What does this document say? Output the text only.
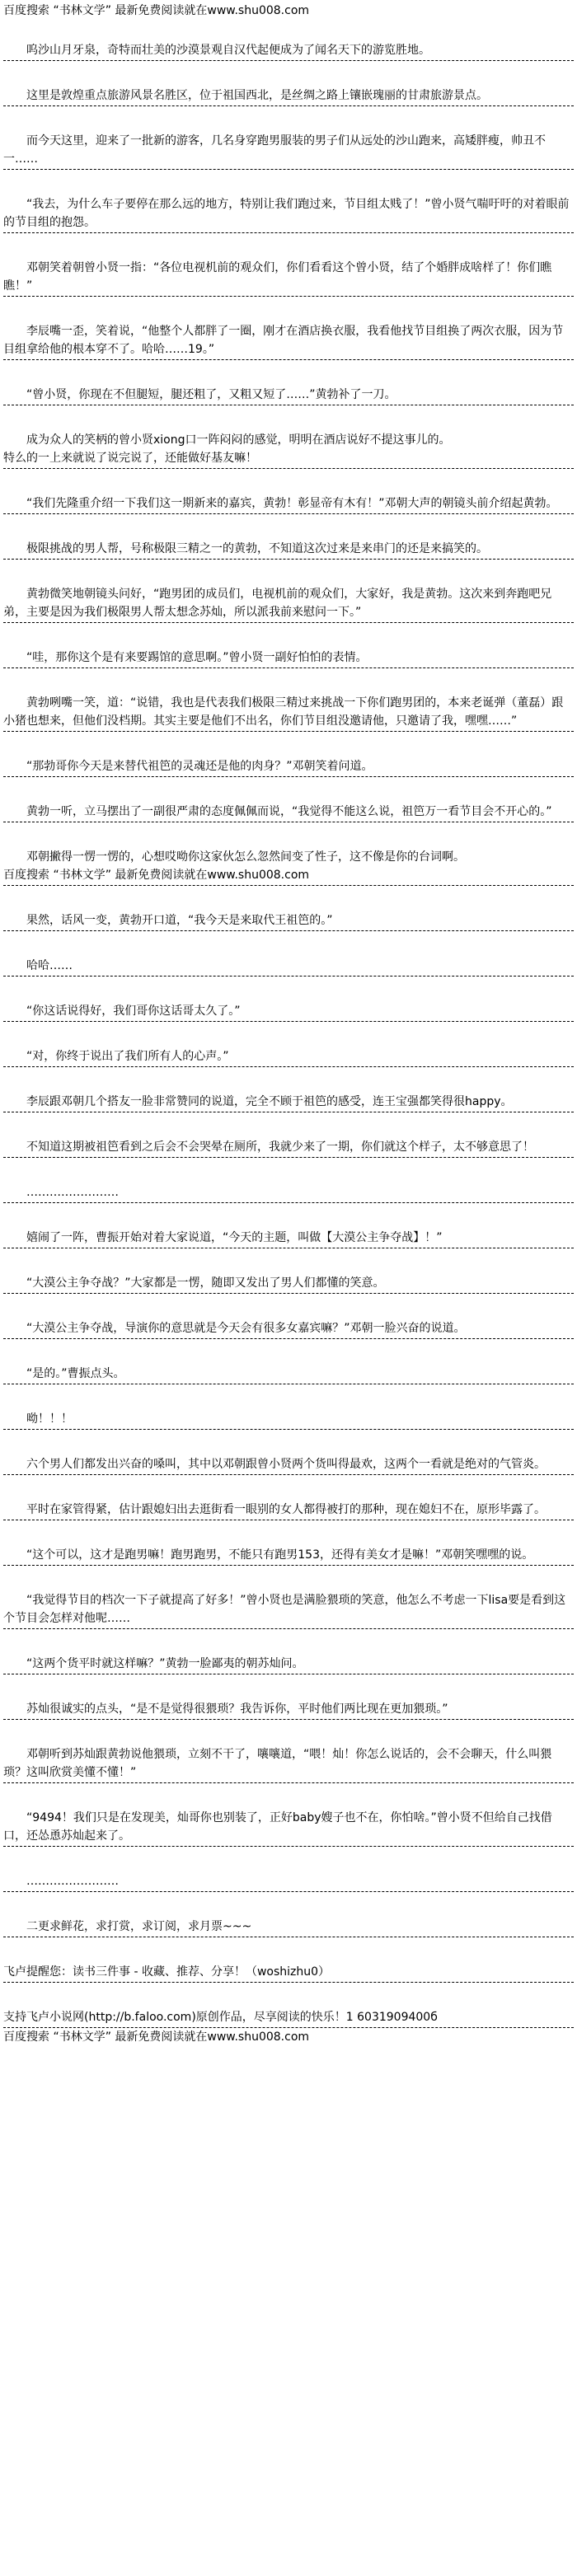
百度搜索 “书林文学” 最新免费阅读就在www.shu008.com

呜沙山月牙泉，奇特而壮美的沙漠景观自汉代起便成为了闻名天下的游览胜地。

这里是敦煌重点旅游风景名胜区，位于祖国西北，是丝绸之路上镶嵌瑰丽的甘肃旅游景点。

而今天这里，迎来了一批新的游客，几名身穿跑男服装的男子们从远处的沙山跑来，高矮胖瘦，帅丑不一……

“我去，为什么车子要停在那么远的地方，特别让我们跑过来，节目组太贱了！”曾小贤气喘吁吁的对着眼前的节目组的抱怨。

邓朝笑着朝曾小贤一指：“各位电视机前的观众们，你们看看这个曾小贤，结了个婚胖成啥样了！你们瞧瞧！”

李辰嘴一歪，笑着说，“他整个人都胖了一圈，刚才在酒店换衣服，我看他找节目组换了两次衣服，因为节目组拿给他的根本穿不了。哈哈……19。”

“曾小贤，你现在不但腿短，腿还粗了，又粗又短了……”黄勃补了一刀。

成为众人的笑柄的曾小贤xiong口一阵闷闷的感觉，明明在酒店说好不提这事儿的。

特么的一上来就说了说完说了，还能做好基友嘛！

“我们先隆重介绍一下我们这一期新来的嘉宾，黄勃！彰显帝有木有！”邓朝大声的朝镜头前介绍起黄勃。

极限挑战的男人帮，号称极限三精之一的黄勃，不知道这次过来是来串门的还是来搞笑的。

黄勃微笑地朝镜头问好，“跑男团的成员们，电视机前的观众们，大家好，我是黄勃。这次来到奔跑吧兄弟，主要是因为我们极限男人帮太想念苏灿，所以派我前来慰问一下。”

“哇，那你这个是有来要踢馆的意思啊。”曾小贤一副好怕怕的表情。

黄勃咧嘴一笑，道：“说错，我也是代表我们极限三精过来挑战一下你们跑男团的，本来老诞弹（董磊）跟小猪也想来，但他们没档期。其实主要是他们不出名，你们节目组没邀请他，只邀请了我，嘿嘿……”

“那勃哥你今天是来替代祖笆的灵魂还是他的肉身？”邓朝笑着问道。

黄勃一听，立马摆出了一副很严肃的态度佩佩而说，“我觉得不能这么说，祖笆万一看节目会不开心的。”

邓朝撇得一愣一愣的，心想哎呦你这家伙怎么忽然间变了性子，这不像是你的台词啊。

百度搜索 “书林文学” 最新免费阅读就在www.shu008.com

果然，话风一变，黄勃开口道，“我今天是来取代王祖笆的。”

哈哈……

“你这话说得好，我们哥你这话哥太久了。”

“对，你终于说出了我们所有人的心声。”

李辰跟邓朝几个搭友一脸非常赞同的说道，完全不顾于祖笆的感受，连王宝强都笑得很happy。

不知道这期被祖笆看到之后会不会哭晕在厕所，我就少来了一期，你们就这个样子，太不够意思了！

……………………

嬉闹了一阵，曹振开始对着大家说道，“今天的主题，叫做【大漠公主争夺战】！”

“大漠公主争夺战？”大家都是一愣，随即又发出了男人们都懂的笑意。

“大漠公主争夺战，导演你的意思就是今天会有很多女嘉宾嘛？”邓朝一脸兴奋的说道。

“是的。”曹振点头。

呦！！！

六个男人们都发出兴奋的嗓叫，其中以邓朝跟曾小贤两个货叫得最欢，这两个一看就是绝对的气管炎。

平时在家管得紧，估计跟媳妇出去逛街看一眼别的女人都得被打的那种，现在媳妇不在，原形毕露了。

“这个可以，这才是跑男嘛！跑男跑男，不能只有跑男153，还得有美女才是嘛！”邓朝笑嘿嘿的说。

“我觉得节目的档次一下子就提高了好多！”曾小贤也是满脸猥琐的笑意，他怎么不考虑一下lisa要是看到这个节目会怎样对他呢……

“这两个货平时就这样嘛？”黄勃一脸鄙夷的朝苏灿问。

苏灿很诚实的点头，“是不是觉得很猥琐？我告诉你，平时他们两比现在更加猥琐。”

邓朝听到苏灿跟黄勃说他猥琐，立刻不干了，嚷嚷道，“喂！灿！你怎么说话的，会不会聊天，什么叫猥琐？这叫欣赏美懂不懂！”

“9494！我们只是在发现美，灿哥你也别装了，正好baby嫂子也不在，你怕啥。”曾小贤不但给自己找借口，还怂恿苏灿起来了。

……………………

二更求鲜花，求打赏，求订阅，求月票~~~

飞卢提醒您：读书三件事 - 收藏、推荐、分享！（woshizhu0）

支持飞卢小说网(http://b.faloo.com)原创作品，尽享阅读的快乐！1 6031909400б

百度搜索 “书林文学” 最新免费阅读就在www.shu008.com
